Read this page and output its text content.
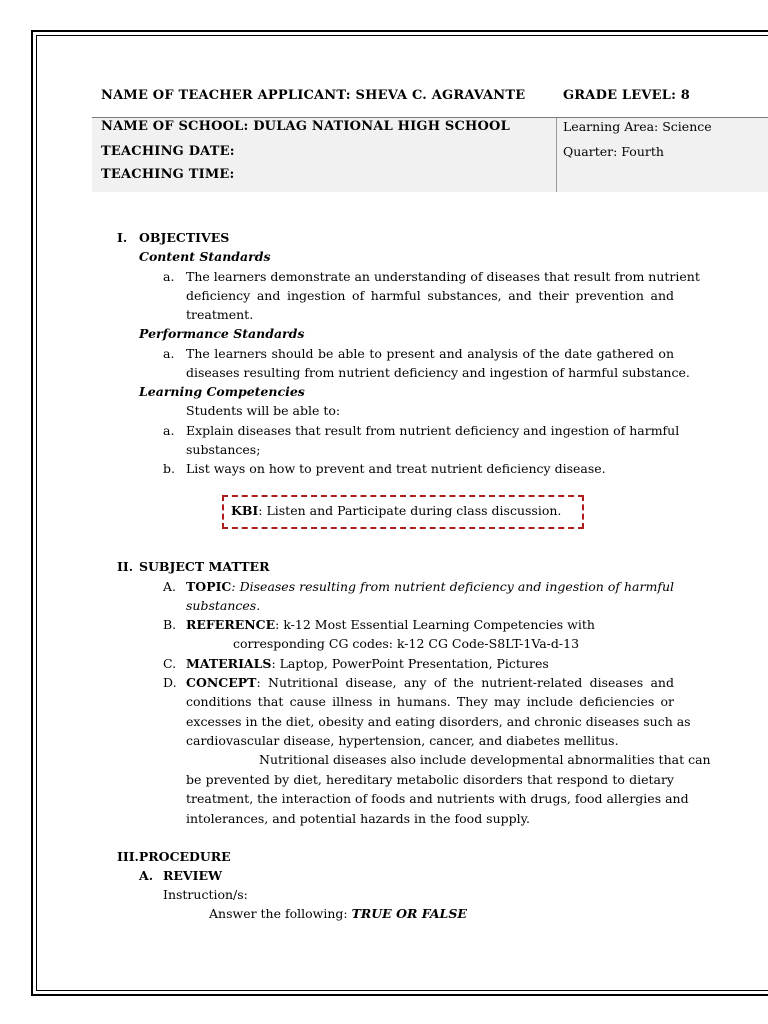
NAME OF TEACHER APPLICANT: SHEVA C. AGRAVANTE	GRADE LEVEL: 8
NAME OF SCHOOL: DULAG NATIONAL HIGH SCHOOL	Learning Area: Science
TEACHING DATE:	Quarter: Fourth
TEACHING TIME:
I. OBJECTIVES
Content Standards
a. The learners demonstrate an understanding of diseases that result from nutrient
deficiency and ingestion of harmful substances, and their prevention and
treatment.
Performance Standards
a. The learners should be able to present and analysis of the date gathered on
diseases resulting from nutrient deficiency and ingestion of harmful substance.
Learning Competencies
Students will be able to:
a. Explain diseases that result from nutrient deficiency and ingestion of harmful
substances;
b. List ways on how to prevent and treat nutrient deficiency disease.
KBI: Listen and Participate during class discussion.
II. SUBJECT MATTER
A. TOPIC: Diseases resulting from nutrient deficiency and ingestion of harmful
substances.
B. REFERENCE: k-12 Most Essential Learning Competencies with
corresponding CG codes: k-12 CG Code-S8LT-1Va-d-13
C. MATERIALS: Laptop, PowerPoint Presentation, Pictures
D. CONCEPT: Nutritional disease, any of the nutrient-related diseases and
conditions that cause illness in humans. They may include deficiencies or
excesses in the diet, obesity and eating disorders, and chronic diseases such as
cardiovascular disease, hypertension, cancer, and diabetes mellitus.
Nutritional diseases also include developmental abnormalities that can
be prevented by diet, hereditary metabolic disorders that respond to dietary
treatment, the interaction of foods and nutrients with drugs, food allergies and
intolerances, and potential hazards in the food supply.
III.PROCEDURE
A. REVIEW
Instruction/s:
Answer the following: TRUE OR FALSE
